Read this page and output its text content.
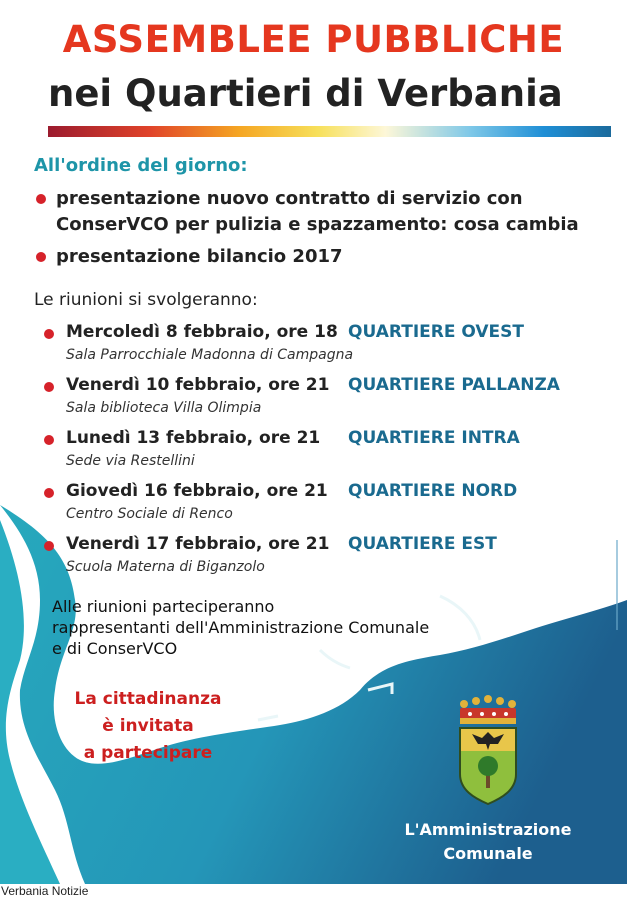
ASSEMBLEE PUBBLICHE
nei Quartieri di Verbania
All'ordine del giorno:
presentazione nuovo contratto di servizio con
ConserVCO per pulizia e spazzamento: cosa cambia
presentazione bilancio 2017
Le riunioni si svolgeranno:
Mercoledì 8 febbraio, ore 18 QUARTIERE OVEST
Sala Parrocchiale Madonna di Campagna
Venerdì 10 febbraio, ore 21 QUARTIERE PALLANZA
Sala biblioteca Villa Olimpia
Lunedì 13 febbraio, ore 21 QUARTIERE INTRA
Sede via Restellini
Giovedì 16 febbraio, ore 21 QUARTIERE NORD
Centro Sociale di Renco
Venerdì 17 febbraio, ore 21 QUARTIERE EST
Scuola Materna di Biganzolo
Alle riunioni parteciperanno
rappresentanti dell'Amministrazione Comunale
e di ConserVCO
La cittadinanza
è invitata
a partecipare
L'Amministrazione
Comunale
Verbania Notizie
